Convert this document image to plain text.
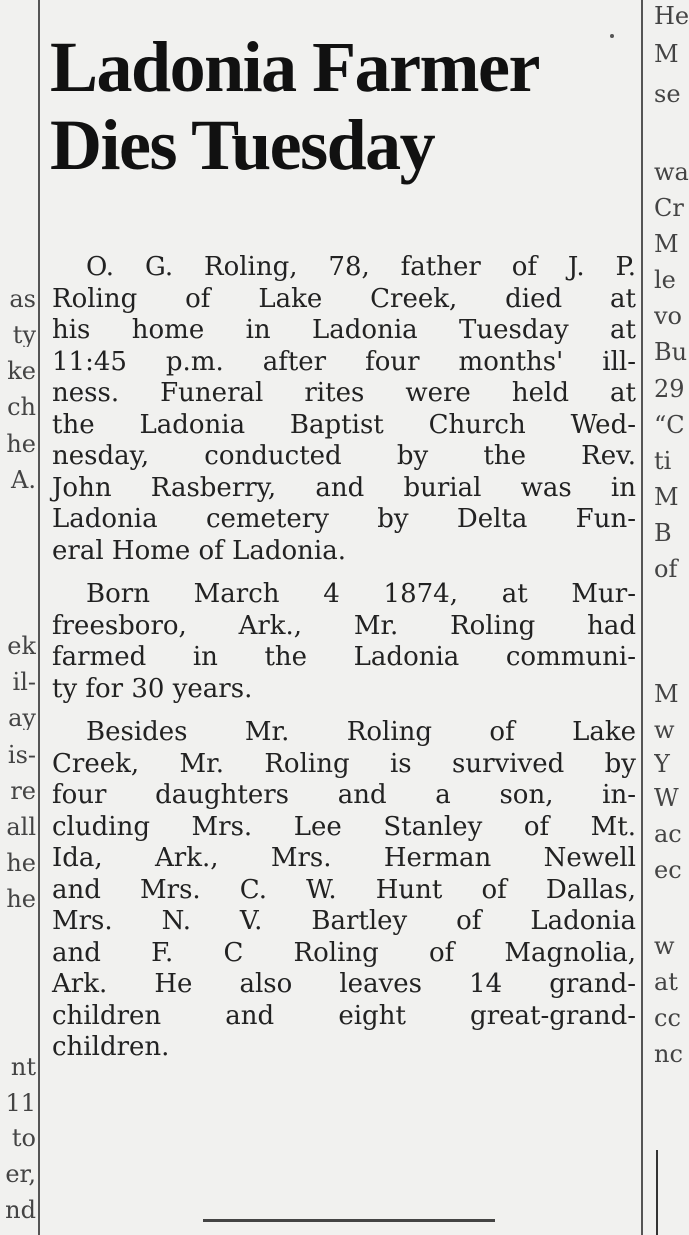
as
ty
ke
ch
he
A.
ek
il-
ay
is-
re
all
he
he
nt
11
to
er,
nd
He
M
se
wa
Cr
M
le
vo
Bu
29
“C
ti
M
B
of
M
w
Y
W
ac
ec
w
at
cc
nc
Ladonia Farmer
Dies Tuesday

O. G. Roling, 78, father of J. P.
Roling of Lake Creek, died at
his home in Ladonia Tuesday at
11:45 p.m. after four months' ill-
ness. Funeral rites were held at
the Ladonia Baptist Church Wed-
nesday, conducted by the Rev.
John Rasberry, and burial was in
Ladonia cemetery by Delta Fun-
eral Home of Ladonia.

Born March 4 1874, at Mur-
freesboro, Ark., Mr. Roling had
farmed in the Ladonia communi-
ty for 30 years.

Besides Mr. Roling of Lake
Creek, Mr. Roling is survived by
four daughters and a son, in-
cluding Mrs. Lee Stanley of Mt.
Ida, Ark., Mrs. Herman Newell
and Mrs. C. W. Hunt of Dallas,
Mrs. N. V. Bartley of Ladonia
and F. C Roling of Magnolia,
Ark. He also leaves 14 grand-
children and eight great-grand-
children.
